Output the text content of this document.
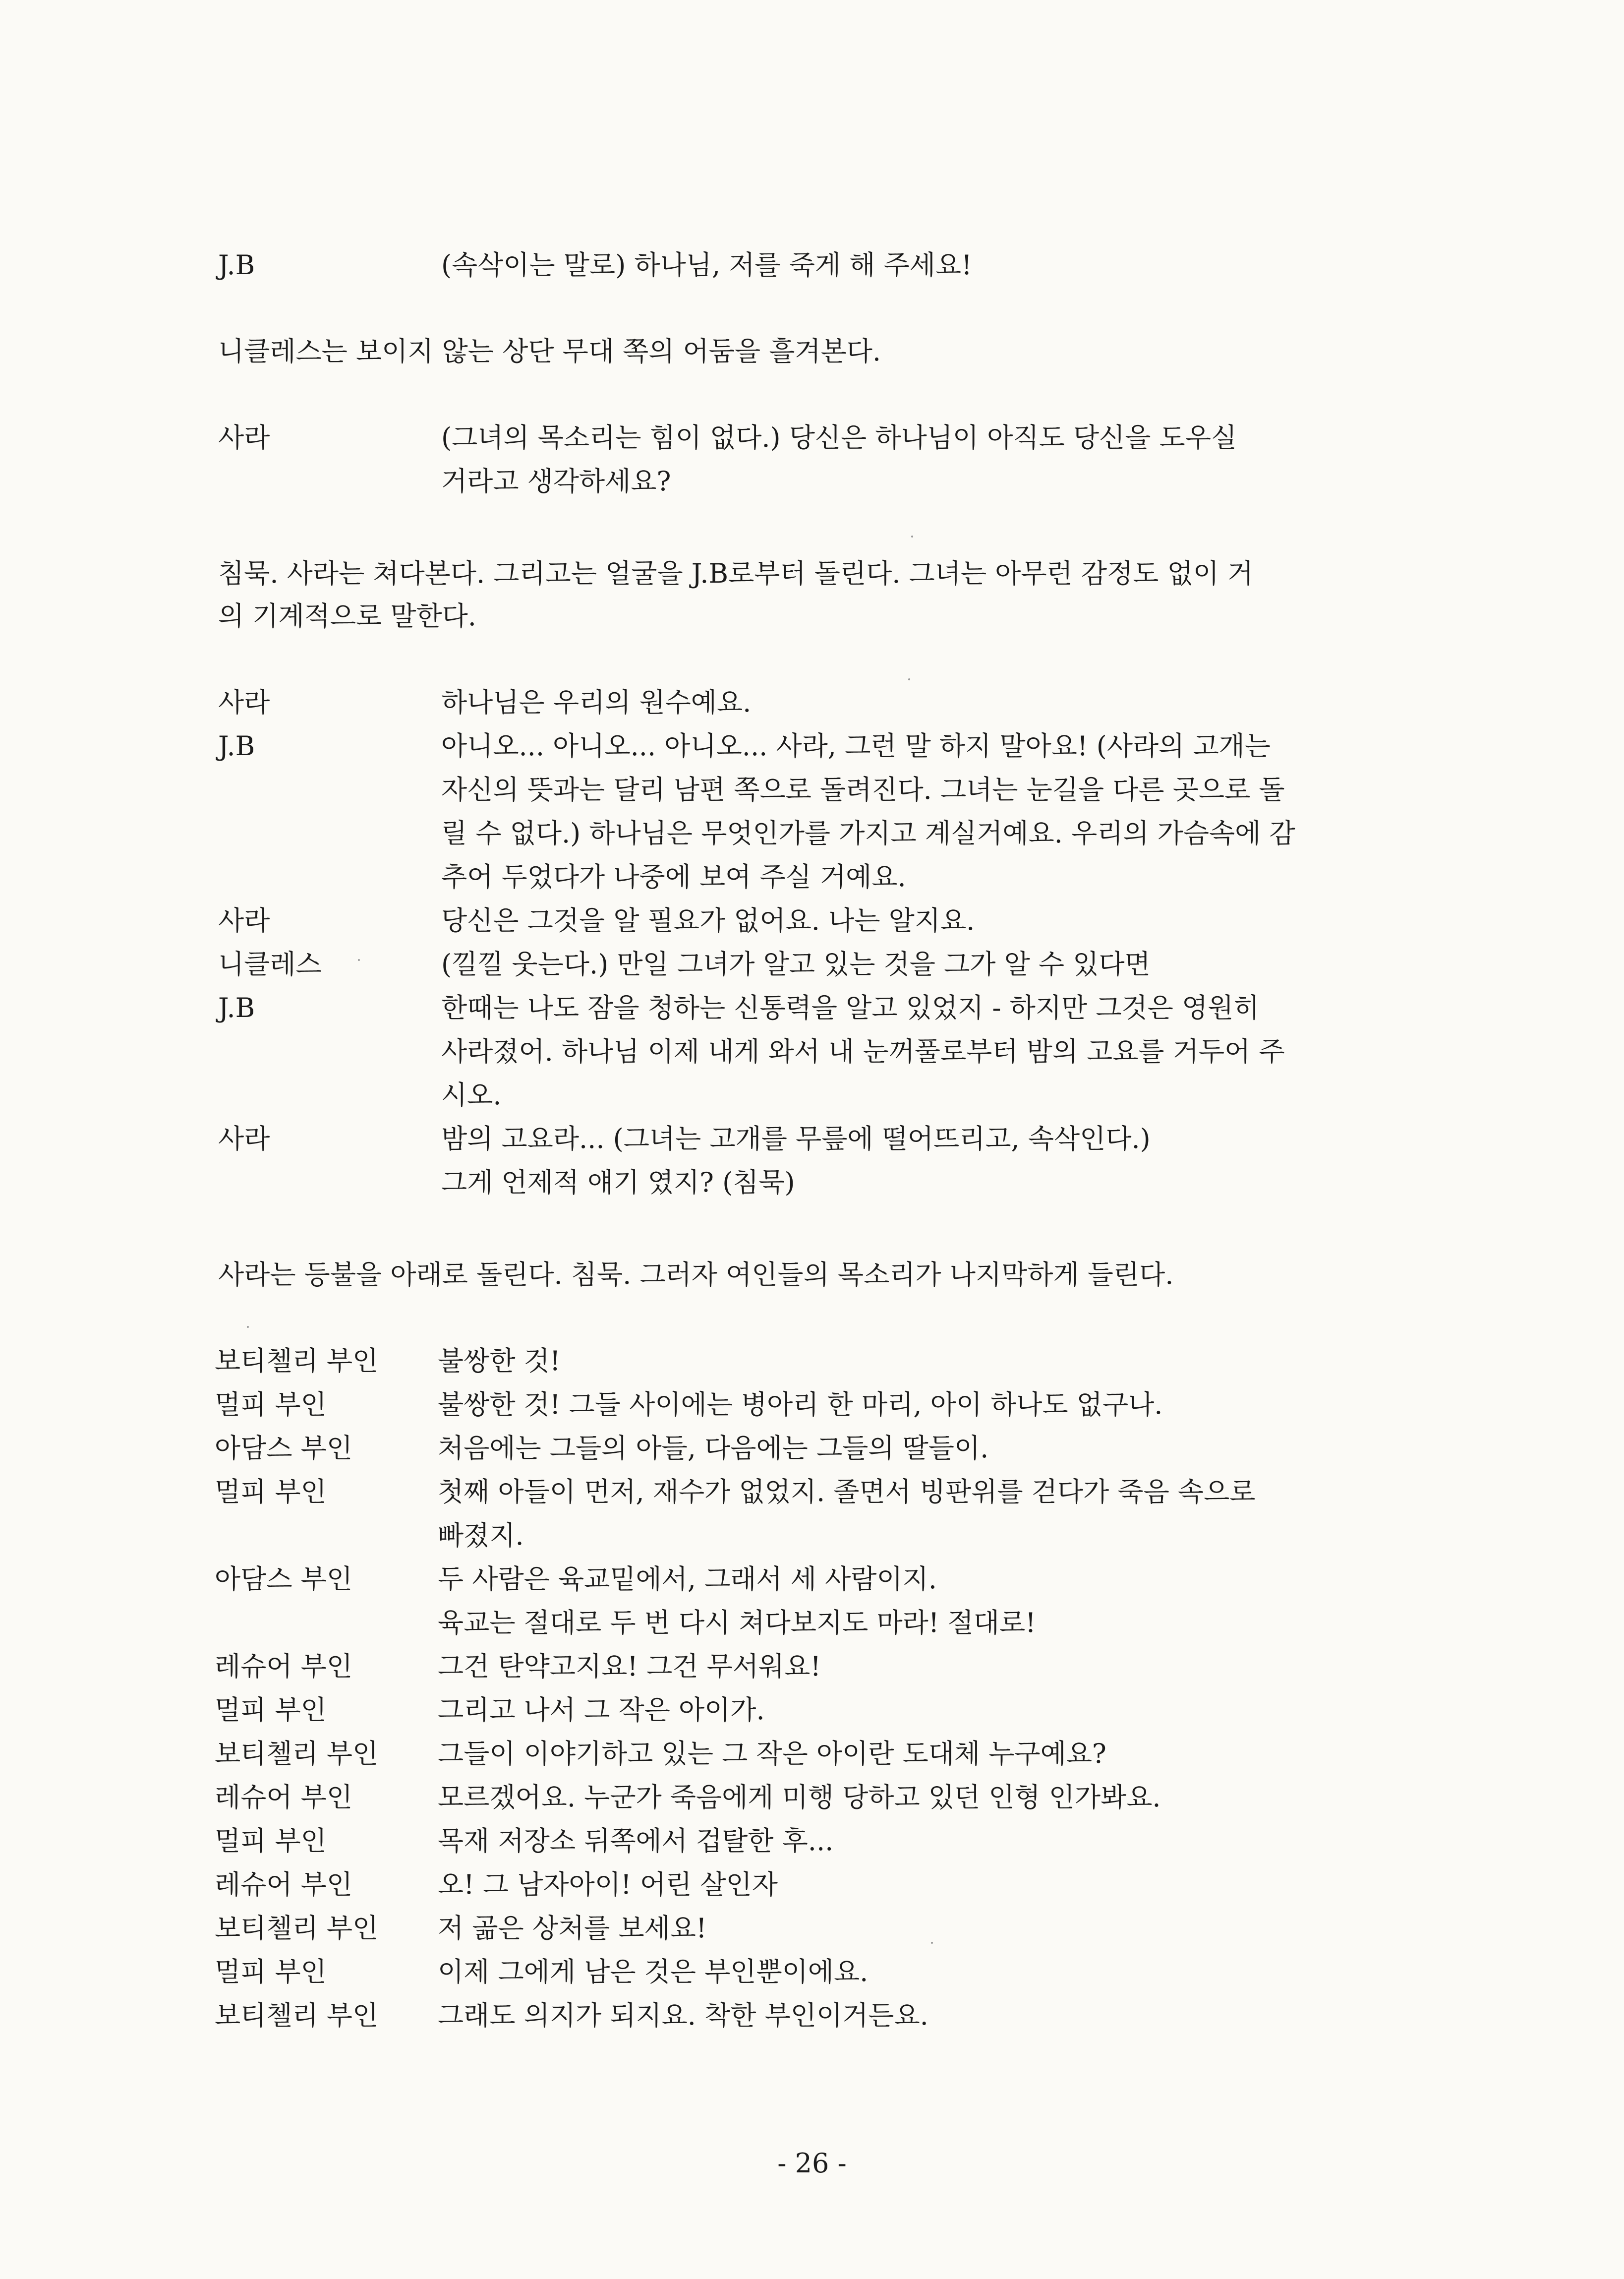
J.B	(속삭이는 말로) 하나님, 저를 죽게 해 주세요!
니클레스는 보이지 않는 상단 무대 쪽의 어둠을 흘겨본다.
사라	(그녀의 목소리는 힘이 없다.) 당신은 하나님이 아직도 당신을 도우실
거라고 생각하세요?
침묵. 사라는 쳐다본다. 그리고는 얼굴을 J.B로부터 돌린다. 그녀는 아무런 감정도 없이 거
의 기계적으로 말한다.
사라	하나님은 우리의 원수예요.
J.B	아니오... 아니오... 아니오... 사라, 그런 말 하지 말아요! (사라의 고개는
자신의 뜻과는 달리 남편 쪽으로 돌려진다. 그녀는 눈길을 다른 곳으로 돌
릴 수 없다.) 하나님은 무엇인가를 가지고 계실거예요. 우리의 가슴속에 감
추어 두었다가 나중에 보여 주실 거예요.
사라	당신은 그것을 알 필요가 없어요. 나는 알지요.
니클레스	(낄낄 웃는다.) 만일 그녀가 알고 있는 것을 그가 알 수 있다면
J.B	한때는 나도 잠을 청하는 신통력을 알고 있었지 - 하지만 그것은 영원히
사라졌어. 하나님 이제 내게 와서 내 눈꺼풀로부터 밤의 고요를 거두어 주
시오.
사라	밤의 고요라... (그녀는 고개를 무릎에 떨어뜨리고, 속삭인다.)
그게 언제적 얘기 였지? (침묵)
사라는 등불을 아래로 돌린다. 침묵. 그러자 여인들의 목소리가 나지막하게 들린다.
보티첼리 부인 불쌍한 것!
멀피 부인	불쌍한 것! 그들 사이에는 병아리 한 마리, 아이 하나도 없구나.
아담스 부인	처음에는 그들의 아들, 다음에는 그들의 딸들이.
멀피 부인	첫째 아들이 먼저, 재수가 없었지. 졸면서 빙판위를 걷다가 죽음 속으로
빠졌지.
아담스 부인	두 사람은 육교밑에서, 그래서 세 사람이지.
육교는 절대로 두 번 다시 쳐다보지도 마라! 절대로!
레슈어 부인	그건 탄약고지요! 그건 무서워요!
멀피 부인	그리고 나서 그 작은 아이가.
보티첼리 부인 그들이 이야기하고 있는 그 작은 아이란 도대체 누구예요?
레슈어 부인	모르겠어요. 누군가 죽음에게 미행 당하고 있던 인형 인가봐요.
멀피 부인	목재 저장소 뒤쪽에서 겁탈한 후...
레슈어 부인	오! 그 남자아이! 어린 살인자
보티첼리 부인 저 곪은 상처를 보세요!
멀피 부인	이제 그에게 남은 것은 부인뿐이에요.
보티첼리 부인 그래도 의지가 되지요. 착한 부인이거든요.
- 26 -
